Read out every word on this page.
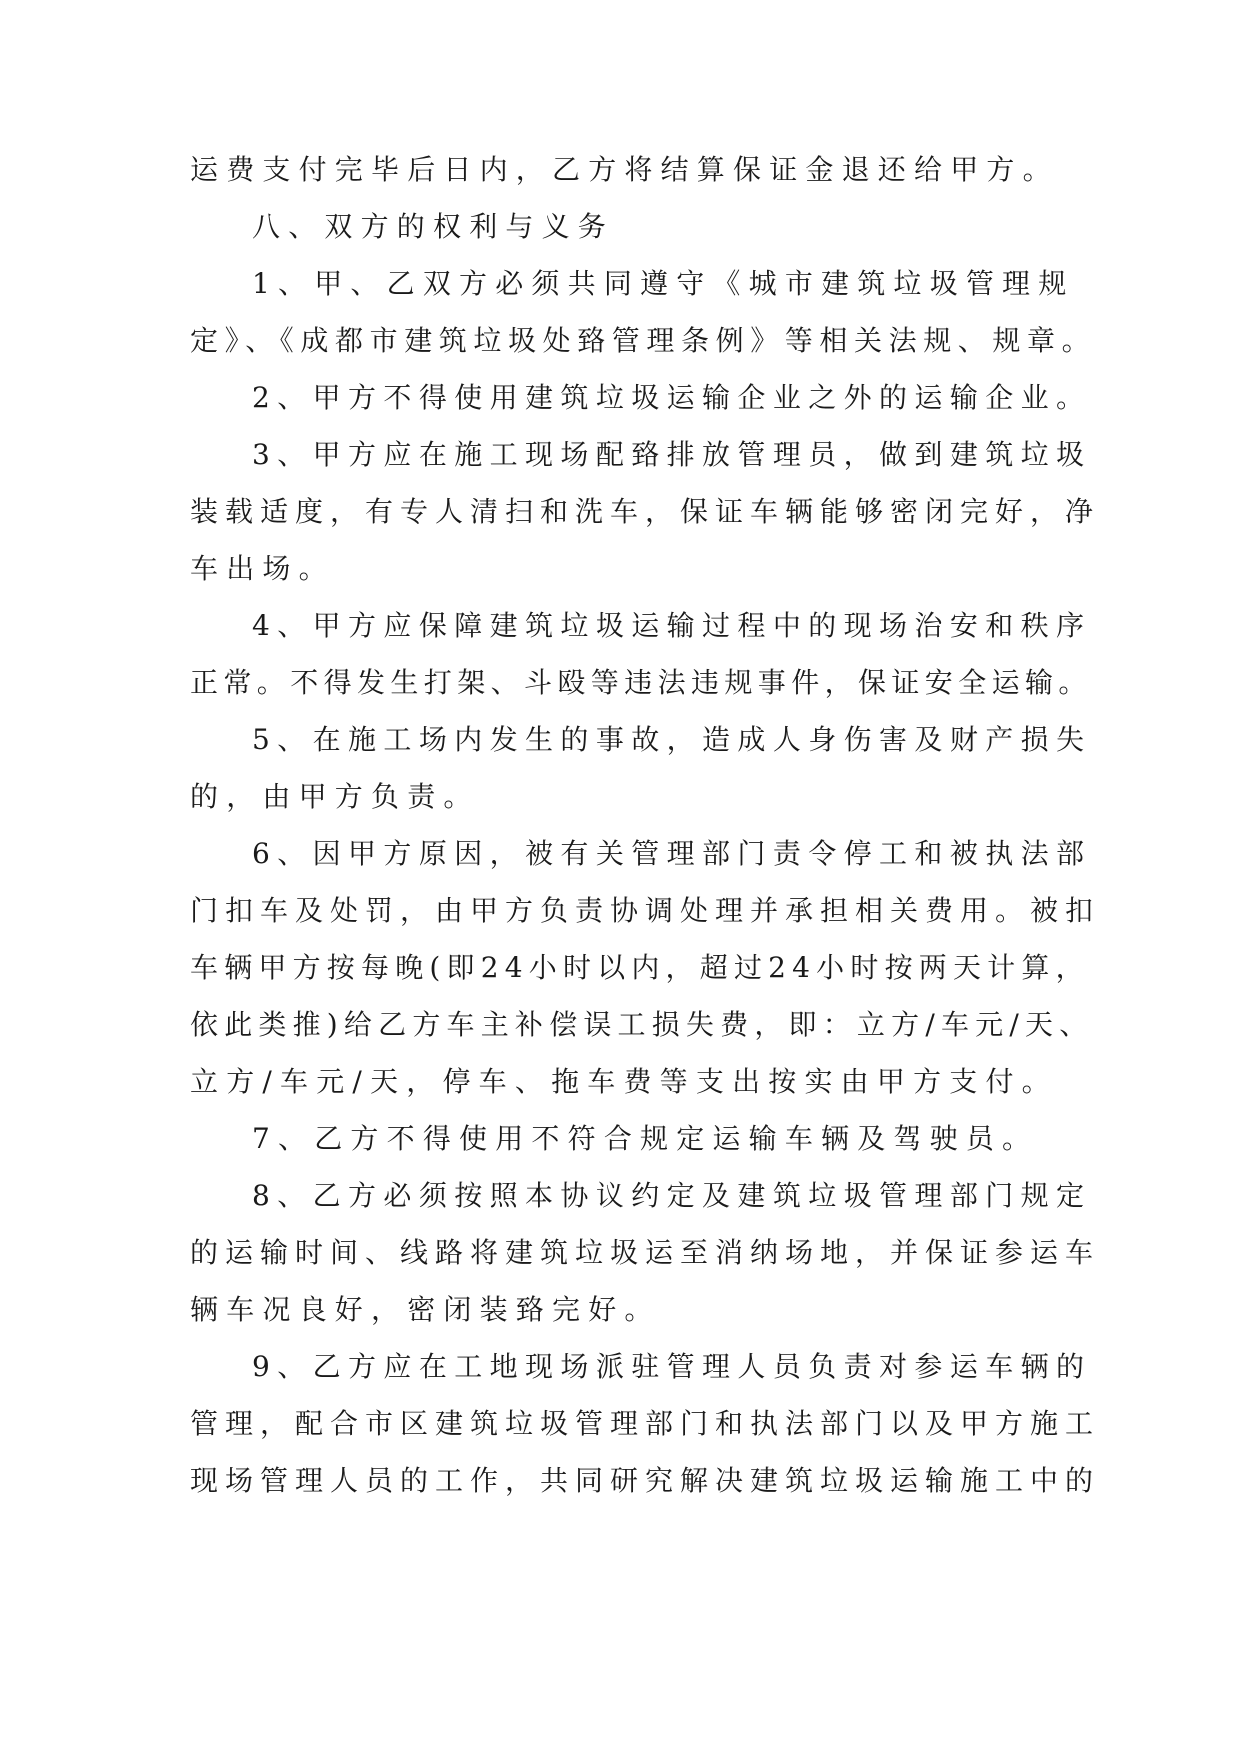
运费支付完毕后日内，乙方将结算保证金退还给甲方。
八、双方的权利与义务
1、甲、乙双方必须共同遵守《城市建筑垃圾管理规
定》、《成都市建筑垃圾处臵管理条例》等相关法规、规章。
2、甲方不得使用建筑垃圾运输企业之外的运输企业。
3、甲方应在施工现场配臵排放管理员，做到建筑垃圾
装载适度，有专人清扫和洗车，保证车辆能够密闭完好，净
车出场。
4、甲方应保障建筑垃圾运输过程中的现场治安和秩序
正常。不得发生打架、斗殴等违法违规事件，保证安全运输。
5、在施工场内发生的事故，造成人身伤害及财产损失
的，由甲方负责。
6、因甲方原因，被有关管理部门责令停工和被执法部
门扣车及处罚，由甲方负责协调处理并承担相关费用。被扣
车辆甲方按每晚(即24小时以内，超过24小时按两天计算，
依此类推)给乙方车主补偿误工损失费，即：立方/车元/天、
立方/车元/天，停车、拖车费等支出按实由甲方支付。
7、乙方不得使用不符合规定运输车辆及驾驶员。
8、乙方必须按照本协议约定及建筑垃圾管理部门规定
的运输时间、线路将建筑垃圾运至消纳场地，并保证参运车
辆车况良好，密闭装臵完好。
9、乙方应在工地现场派驻管理人员负责对参运车辆的
管理，配合市区建筑垃圾管理部门和执法部门以及甲方施工
现场管理人员的工作，共同研究解决建筑垃圾运输施工中的
